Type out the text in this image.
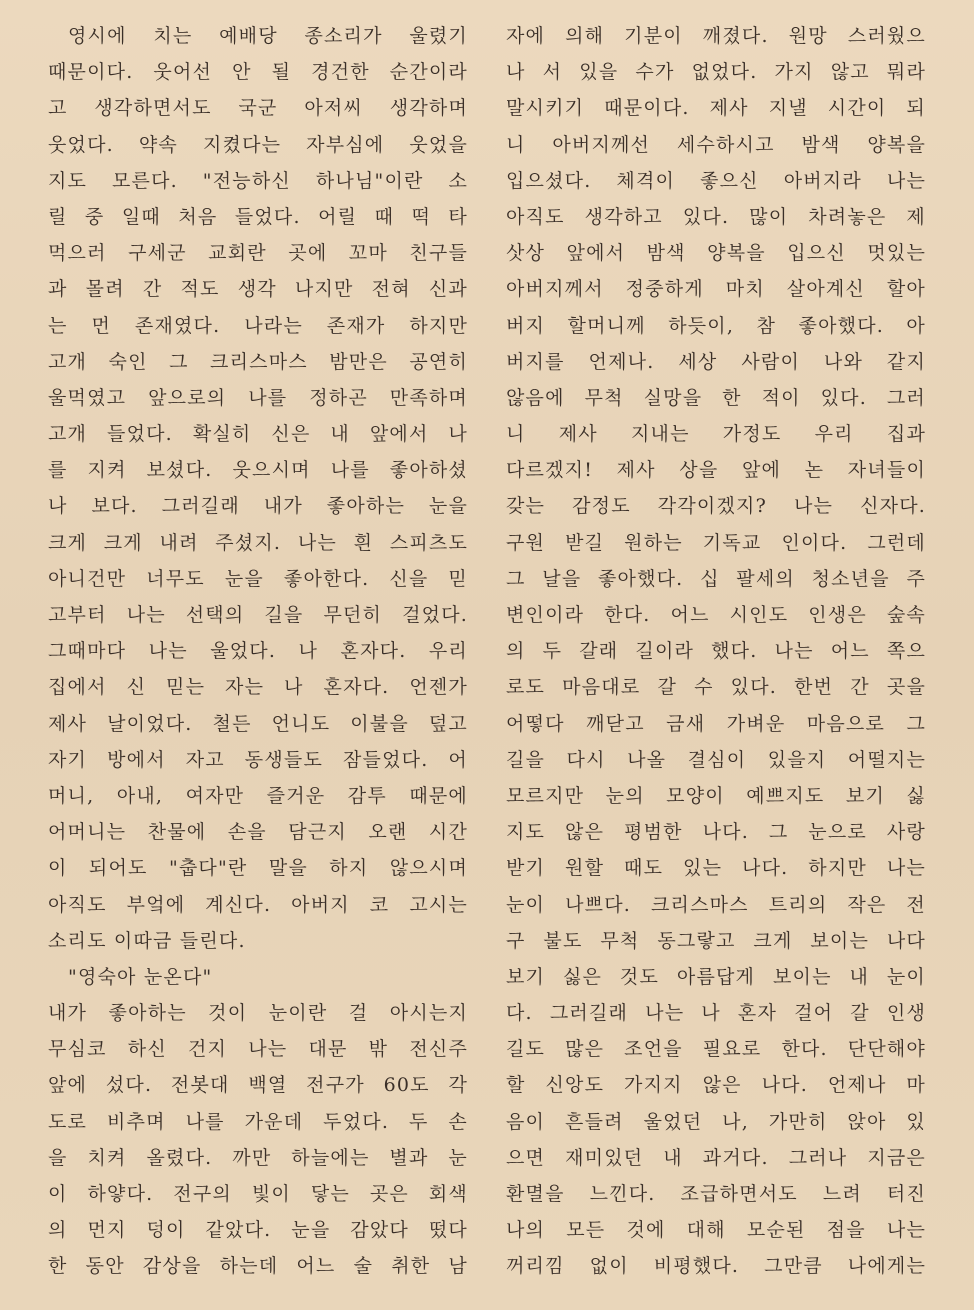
영시에 치는 예배당 종소리가 울렸기
때문이다. 웃어선 안 될 경건한 순간이라
고 생각하면서도 국군 아저씨 생각하며
웃었다. 약속 지켰다는 자부심에 웃었을
지도 모른다. "전능하신 하나님"이란 소
릴 중 일때 처음 들었다. 어릴 때 떡 타
먹으러 구세군 교회란 곳에 꼬마 친구들
과 몰려 간 적도 생각 나지만 전혀 신과
는 먼 존재였다. 나라는 존재가 하지만
고개 숙인 그 크리스마스 밤만은 공연히
울먹였고 앞으로의 나를 정하곤 만족하며
고개 들었다. 확실히 신은 내 앞에서 나
를 지켜 보셨다. 웃으시며 나를 좋아하셨
나 보다. 그러길래 내가 좋아하는 눈을
크게 크게 내려 주셨지. 나는 흰 스피츠도
아니건만 너무도 눈을 좋아한다. 신을 믿
고부터 나는 선택의 길을 무던히 걸었다.
그때마다 나는 울었다. 나 혼자다. 우리
집에서 신 믿는 자는 나 혼자다. 언젠가
제사 날이었다. 철든 언니도 이불을 덮고
자기 방에서 자고 동생들도 잠들었다. 어
머니, 아내, 여자만 즐거운 감투 때문에
어머니는 찬물에 손을 담근지 오랜 시간
이 되어도 "춥다"란 말을 하지 않으시며
아직도 부엌에 계신다. 아버지 코 고시는
소리도 이따금 들린다.
"영숙아 눈온다"
내가 좋아하는 것이 눈이란 걸 아시는지
무심코 하신 건지 나는 대문 밖 전신주
앞에 섰다. 전봇대 백열 전구가 60도 각
도로 비추며 나를 가운데 두었다. 두 손
을 치켜 올렸다. 까만 하늘에는 별과 눈
이 하얗다. 전구의 빛이 닿는 곳은 회색
의 먼지 덩이 같았다. 눈을 감았다 떴다
한 동안 감상을 하는데 어느 술 취한 남
자에 의해 기분이 깨졌다. 원망 스러웠으
나 서 있을 수가 없었다. 가지 않고 뭐라
말시키기 때문이다. 제사 지낼 시간이 되
니 아버지께선 세수하시고 밤색 양복을
입으셨다. 체격이 좋으신 아버지라 나는
아직도 생각하고 있다. 많이 차려놓은 제
삿상 앞에서 밤색 양복을 입으신 멋있는
아버지께서 정중하게 마치 살아계신 할아
버지 할머니께 하듯이, 참 좋아했다. 아
버지를 언제나. 세상 사람이 나와 같지
않음에 무척 실망을 한 적이 있다. 그러
니 제사 지내는 가정도 우리 집과
다르겠지! 제사 상을 앞에 논 자녀들이
갖는 감정도 각각이겠지? 나는 신자다.
구원 받길 원하는 기독교 인이다. 그런데
그 날을 좋아했다. 십 팔세의 청소년을 주
변인이라 한다. 어느 시인도 인생은 숲속
의 두 갈래 길이라 했다. 나는 어느 쪽으
로도 마음대로 갈 수 있다. 한번 간 곳을
어떻다 깨닫고 금새 가벼운 마음으로 그
길을 다시 나올 결심이 있을지 어떨지는
모르지만 눈의 모양이 예쁘지도 보기 싫
지도 않은 평범한 나다. 그 눈으로 사랑
받기 원할 때도 있는 나다. 하지만 나는
눈이 나쁘다. 크리스마스 트리의 작은 전
구 불도 무척 동그랗고 크게 보이는 나다
보기 싫은 것도 아름답게 보이는 내 눈이
다. 그러길래 나는 나 혼자 걸어 갈 인생
길도 많은 조언을 필요로 한다. 단단해야
할 신앙도 가지지 않은 나다. 언제나 마
음이 흔들려 울었던 나, 가만히 앉아 있
으면 재미있던 내 과거다. 그러나 지금은
환멸을 느낀다. 조급하면서도 느려 터진
나의 모든 것에 대해 모순된 점을 나는
꺼리낌 없이 비평했다. 그만큼 나에게는
